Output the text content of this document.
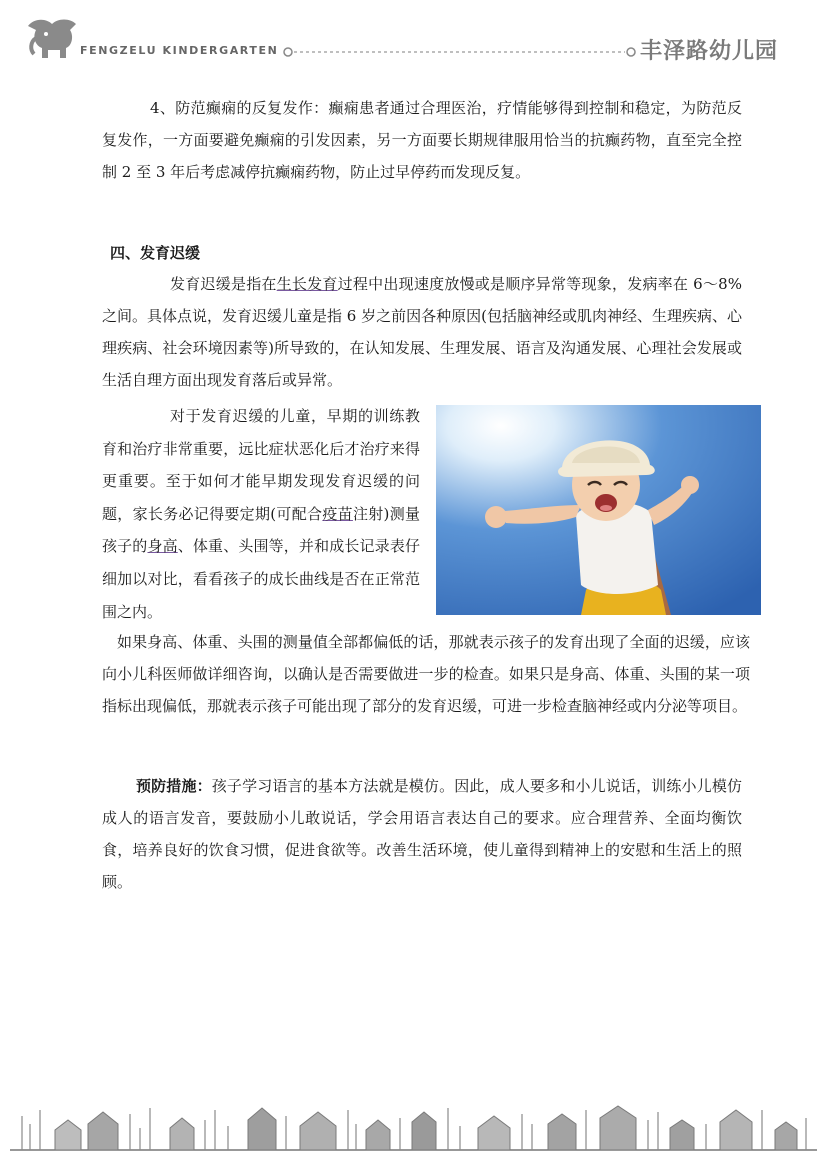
FENGZELU KINDERGARTEN	丰泽路幼儿园

4、防范癫痫的反复发作：癫痫患者通过合理医治，疗情能够得到控制和稳定，为防范反复发作，一方面要避免癫痫的引发因素，另一方面要长期规律服用恰当的抗癫药物，直至完全控制 2 至 3 年后考虑减停抗癫痫药物，防止过早停药而发现反复。

四、发育迟缓

发育迟缓是指在生长发育过程中出现速度放慢或是顺序异常等现象，发病率在 6～8%之间。具体点说，发育迟缓儿童是指 6 岁之前因各种原因(包括脑神经或肌肉神经、生理疾病、心理疾病、社会环境因素等)所导致的，在认知发展、生理发展、语言及沟通发展、心理社会发展或生活自理方面出现发育落后或异常。

对于发育迟缓的儿童，早期的训练教育和治疗非常重要，远比症状恶化后才治疗来得更重要。至于如何才能早期发现发育迟缓的问题，家长务必记得要定期(可配合疫苗注射)测量孩子的身高、体重、头围等，并和成长记录表仔细加以对比，看看孩子的成长曲线是否在正常范围之内。

如果身高、体重、头围的测量值全部都偏低的话，那就表示孩子的发育出现了全面的迟缓，应该向小儿科医师做详细咨询，以确认是否需要做进一步的检查。如果只是身高、体重、头围的某一项指标出现偏低，那就表示孩子可能出现了部分的发育迟缓，可进一步检查脑神经或内分泌等项目。

预防措施：孩子学习语言的基本方法就是模仿。因此，成人要多和小儿说话，训练小儿模仿成人的语言发音，要鼓励小儿敢说话，学会用语言表达自己的要求。应合理营养、全面均衡饮食，培养良好的饮食习惯，促进食欲等。改善生活环境，使儿童得到精神上的安慰和生活上的照顾。
